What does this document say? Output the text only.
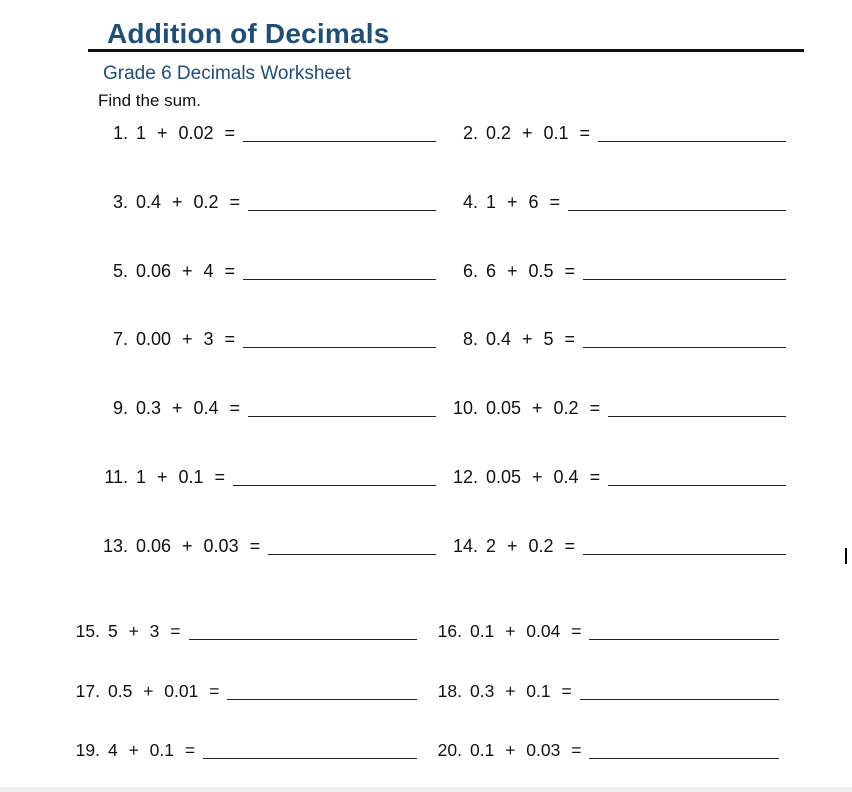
Addition of Decimals
Grade 6 Decimals Worksheet
Find the sum.
1. 1 + 0.02 =	2. 0.2 + 0.1 =
3. 0.4 + 0.2 =	4. 1 + 6 =
5. 0.06 + 4 =	6. 6 + 0.5 =
7. 0.00 + 3 =	8. 0.4 + 5 =
9. 0.3 + 0.4 =	10. 0.05 + 0.2 =
11. 1 + 0.1 =	12. 0.05 + 0.4 =
13. 0.06 + 0.03 =	14. 2 + 0.2 =
15. 5 + 3 =	16. 0.1 + 0.04 =
17. 0.5 + 0.01 =	18. 0.3 + 0.1 =
19. 4 + 0.1 =	20. 0.1 + 0.03 =
